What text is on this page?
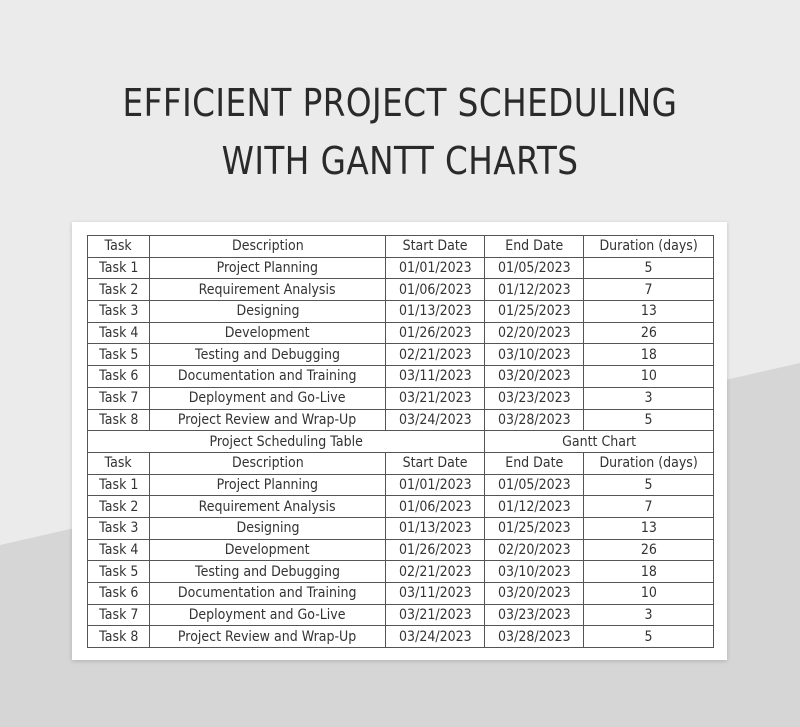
EFFICIENT PROJECT SCHEDULING
WITH GANTT CHARTS
Task	Description	Start Date	End Date	Duration (days)
Task 1	Project Planning	01/01/2023	01/05/2023	5
Task 2	Requirement Analysis	01/06/2023	01/12/2023	7
Task 3	Designing	01/13/2023	01/25/2023	13
Task 4	Development	01/26/2023	02/20/2023	26
Task 5	Testing and Debugging	02/21/2023	03/10/2023	18
Task 6	Documentation and Training	03/11/2023	03/20/2023	10
Task 7	Deployment and Go-Live	03/21/2023	03/23/2023	3
Task 8	Project Review and Wrap-Up	03/24/2023	03/28/2023	5
Project Scheduling Table			Gantt Chart	
Task	Description	Start Date	End Date	Duration (days)
Task 1	Project Planning	01/01/2023	01/05/2023	5
Task 2	Requirement Analysis	01/06/2023	01/12/2023	7
Task 3	Designing	01/13/2023	01/25/2023	13
Task 4	Development	01/26/2023	02/20/2023	26
Task 5	Testing and Debugging	02/21/2023	03/10/2023	18
Task 6	Documentation and Training	03/11/2023	03/20/2023	10
Task 7	Deployment and Go-Live	03/21/2023	03/23/2023	3
Task 8	Project Review and Wrap-Up	03/24/2023	03/28/2023	5
